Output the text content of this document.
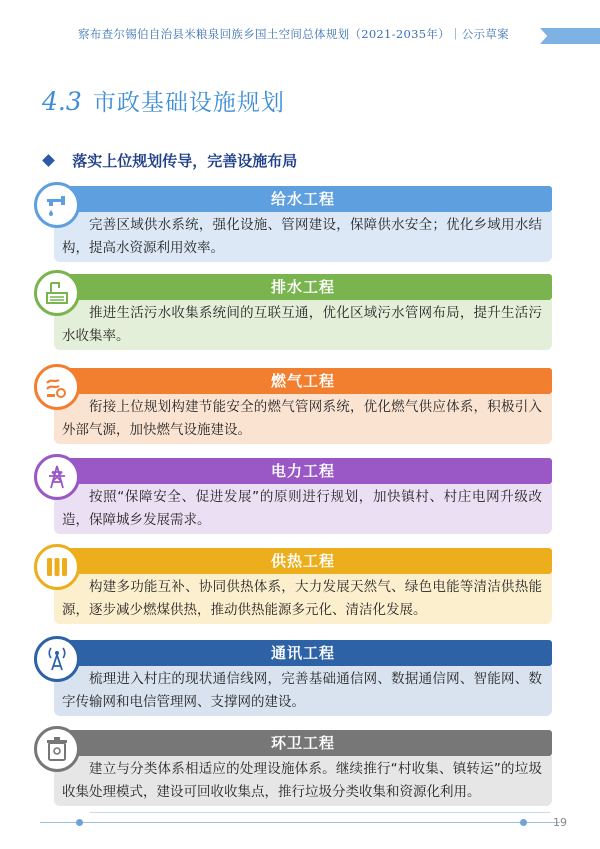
察布查尔锡伯自治县米粮泉回族乡国土空间总体规划（2021-2035年）｜公示草案
4.3 市政基础设施规划
落实上位规划传导，完善设施布局
给水工程
完善区域供水系统，强化设施、管网建设，保障供水安全；优化乡域用水结构，提高水资源利用效率。
排水工程
推进生活污水收集系统间的互联互通，优化区域污水管网布局，提升生活污水收集率。
燃气工程
衔接上位规划构建节能安全的燃气管网系统，优化燃气供应体系，积极引入外部气源，加快燃气设施建设。
电力工程
按照“保障安全、促进发展”的原则进行规划，加快镇村、村庄电网升级改造，保障城乡发展需求。
供热工程
构建多功能互补、协同供热体系，大力发展天然气、绿色电能等清洁供热能源，逐步减少燃煤供热，推动供热能源多元化、清洁化发展。
通讯工程
梳理进入村庄的现状通信线网，完善基础通信网、数据通信网、智能网、数字传输网和电信管理网、支撑网的建设。
环卫工程
建立与分类体系相适应的处理设施体系。继续推行“村收集、镇转运”的垃圾收集处理模式，建设可回收收集点，推行垃圾分类收集和资源化利用。
19
